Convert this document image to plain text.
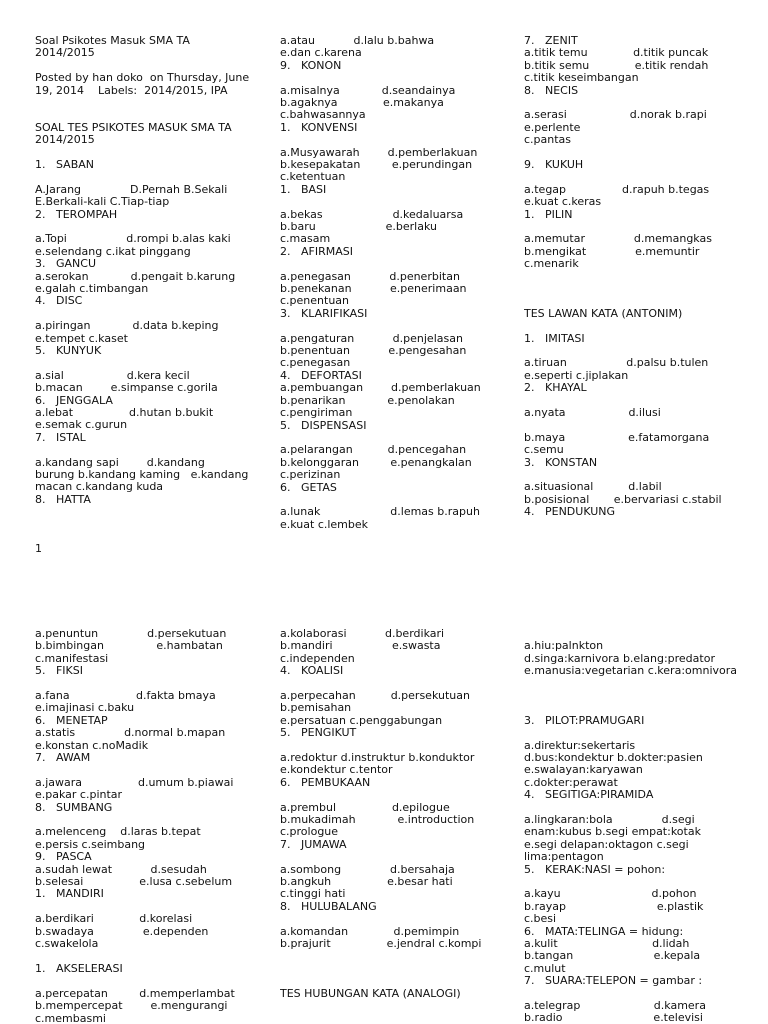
Soal Psikotes Masuk SMA TA
2014/2015
Posted by han doko  on Thursday, June
19, 2014    Labels:  2014/2015, IPA
SOAL TES PSIKOTES MASUK SMA TA
2014/2015
1.   SABAN
A.Jarang              D.Pernah B.Sekali
E.Berkali-kali C.Tiap-tiap
2.   TEROMPAH
a.Topi                 d.rompi b.alas kaki
e.selendang c.ikat pinggang
3.   GANCU
a.serokan            d.pengait b.karung
e.galah c.timbangan
4.   DISC
a.piringan            d.data b.keping
e.tempet c.kaset
5.   KUNYUK
a.sial                  d.kera kecil
b.macan        e.simpanse c.gorila
6.   JENGGALA
a.lebat                d.hutan b.bukit
e.semak c.gurun
7.   ISTAL
a.kandang sapi        d.kandang
burung b.kandang kaming   e.kandang
macan c.kandang kuda
8.   HATTA
1
a.atau           d.lalu b.bahwa
e.dan c.karena
9.   KONON
a.misalnya            d.seandainya
b.agaknya             e.makanya
c.bahwasannya
1.   KONVENSI
a.Musyawarah        d.pemberlakuan
b.kesepakatan         e.perundingan
c.ketentuan
1.   BASI
a.bekas                    d.kedaluarsa
b.baru                    e.berlaku
c.masam
2.   AFIRMASI
a.penegasan           d.penerbitan
b.penekanan           e.penerimaan
c.penentuan
3.   KLARIFIKASI
a.pengaturan           d.penjelasan
b.penentuan           e.pengesahan
c.penegasan
4.   DEFORTASI
a.pembuangan        d.pemberlakuan
b.penarikan            e.penolakan
c.pengiriman
5.   DISPENSASI
a.pelarangan          d.pencegahan
b.kelonggaran         e.penangkalan
c.perizinan
6.   GETAS
a.lunak                    d.lemas b.rapuh
e.kuat c.lembek
7.   ZENIT
a.titik temu             d.titik puncak
b.titik semu             e.titik rendah
c.titik keseimbangan
8.   NECIS
a.serasi                  d.norak b.rapi
e.perlente
c.pantas
9.   KUKUH
a.tegap                d.rapuh b.tegas
e.kuat c.keras
1.   PILIN
a.memutar              d.memangkas
b.mengikat              e.memuntir
c.menarik
TES LAWAN KATA (ANTONIM)
1.   IMITASI
a.tiruan                 d.palsu b.tulen
e.seperti c.jiplakan
2.   KHAYAL
a.nyata                  d.ilusi
b.maya                  e.fatamorgana
c.semu
3.   KONSTAN
a.situasional          d.labil
b.posisional       e.bervariasi c.stabil
4.   PENDUKUNG
a.penuntun              d.persekutuan
b.bimbingan               e.hambatan
c.manifestasi
5.   FIKSI
a.fana                   d.fakta bmaya
e.imajinasi c.baku
6.   MENETAP
a.statis              d.normal b.mapan
e.konstan c.noMadik
7.   AWAM
a.jawara                d.umum b.piawai
e.pakar c.pintar
8.   SUMBANG
a.melenceng    d.laras b.tepat
e.persis c.seimbang
9.   PASCA
a.sudah lewat           d.sesudah
b.selesai                e.lusa c.sebelum
1.   MANDIRI
a.berdikari             d.korelasi
b.swadaya              e.dependen
c.swakelola
1.   AKSELERASI
a.percepatan         d.memperlambat
b.mempercepat        e.mengurangi
c.membasmi
a.kolaborasi           d.berdikari
b.mandiri                 e.swasta
c.independen
4.   KOALISI
a.perpecahan          d.persekutuan
b.pemisahan
e.persatuan c.penggabungan
5.   PENGIKUT
a.redoktur d.instruktur b.konduktor
e.kondektur c.tentor
6.   PEMBUKAAN
a.prembul                d.epilogue
b.mukadimah            e.introduction
c.prologue
7.   JUMAWA
a.sombong              d.bersahaja
b.angkuh                e.besar hati
c.tinggi hati
8.   HULUBALANG
a.komandan             d.pemimpin
b.prajurit                e.jendral c.kompi
TES HUBUNGAN KATA (ANALOGI)
a.hiu:palnkton
d.singa:karnivora b.elang:predator
e.manusia:vegetarian c.kera:omnivora
3.   PILOT:PRAMUGARI
a.direktur:sekertaris
d.bus:kondektur b.dokter:pasien
e.swalayan:karyawan
c.dokter:perawat
4.   SEGITIGA:PIRAMIDA
a.lingkaran:bola              d.segi
enam:kubus b.segi empat:kotak
e.segi delapan:oktagon c.segi
lima:pentagon
5.   KERAK:NASI = pohon:
a.kayu                          d.pohon
b.rayap                          e.plastik
c.besi
6.   MATA:TELINGA = hidung:
a.kulit                           d.lidah
b.tangan                       e.kepala
c.mulut
7.   SUARA:TELEPON = gambar :
a.telegrap                     d.kamera
b.radio                          e.televisi
